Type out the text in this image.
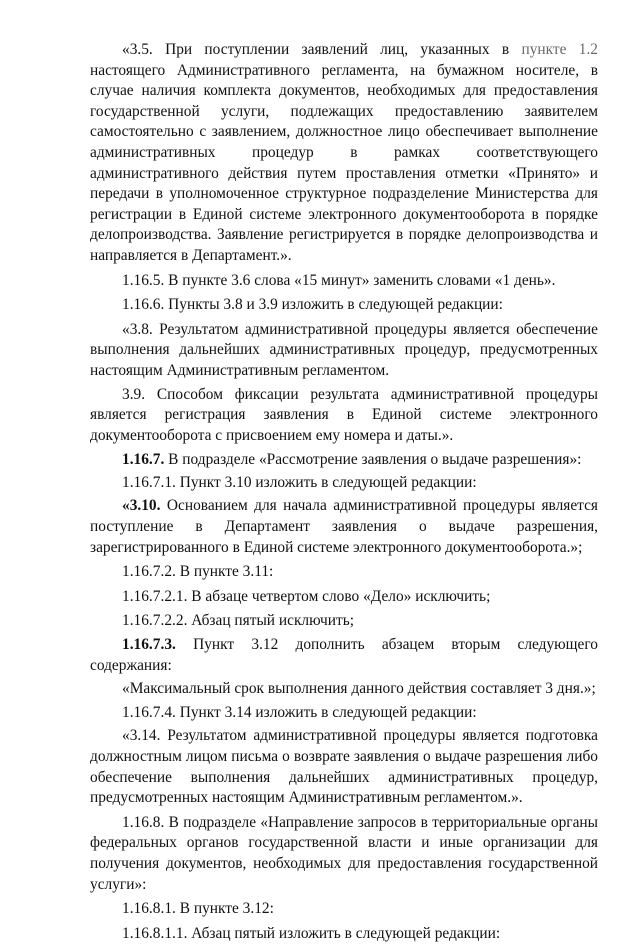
«3.5. При поступлении заявлений лиц, указанных в пункте 1.2 настоящего Административного регламента, на бумажном носителе, в случае наличия комплекта документов, необходимых для предоставления государственной услуги, подлежащих предоставлению заявителем самостоятельно с заявлением, должностное лицо обеспечивает выполнение административных процедур в рамках соответствующего административного действия путем проставления отметки «Принято» и передачи в уполномоченное структурное подразделение Министерства для регистрации в Единой системе электронного документооборота в порядке делопроизводства. Заявление регистрируется в порядке делопроизводства и направляется в Департамент.».

1.16.5. В пункте 3.6 слова «15 минут» заменить словами «1 день».

1.16.6. Пункты 3.8 и 3.9 изложить в следующей редакции:

«3.8. Результатом административной процедуры является обеспечение выполнения дальнейших административных процедур, предусмотренных настоящим Административным регламентом.

3.9. Способом фиксации результата административной процедуры является регистрация заявления в Единой системе электронного документооборота с присвоением ему номера и даты.».

1.16.7. В подразделе «Рассмотрение заявления о выдаче разрешения»:

1.16.7.1. Пункт 3.10 изложить в следующей редакции:

«3.10. Основанием для начала административной процедуры является поступление в Департамент заявления о выдаче разрешения, зарегистрированного в Единой системе электронного документооборота.»;

1.16.7.2. В пункте 3.11:

1.16.7.2.1. В абзаце четвертом слово «Дело» исключить;

1.16.7.2.2. Абзац пятый исключить;

1.16.7.3. Пункт 3.12 дополнить абзацем вторым следующего содержания:

«Максимальный срок выполнения данного действия составляет 3 дня.»;

1.16.7.4. Пункт 3.14 изложить в следующей редакции:

«3.14. Результатом административной процедуры является подготовка должностным лицом письма о возврате заявления о выдаче разрешения либо обеспечение выполнения дальнейших административных процедур, предусмотренных настоящим Административным регламентом.».

1.16.8. В подразделе «Направление запросов в территориальные органы федеральных органов государственной власти и иные организации для получения документов, необходимых для предоставления государственной услуги»:

1.16.8.1. В пункте 3.12:

1.16.8.1.1. Абзац пятый изложить в следующей редакции:
